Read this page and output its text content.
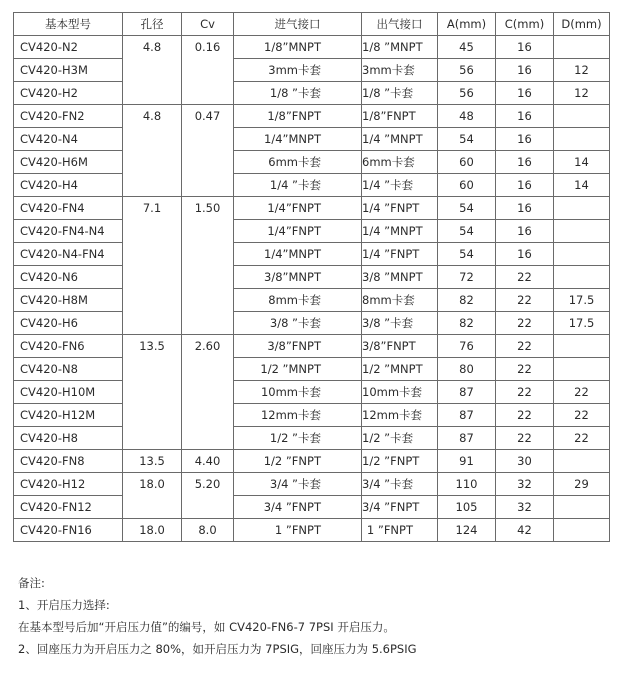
基本型号	孔径	Cv	进气接口	出气接口	A(mm)	C(mm)	D(mm)
CV420-N2	4.8	0.16	1/8”MNPT	1/8 ”MNPT	45	16	
CV420-H3M			3mm卡套	3mm卡套	56	16	12
CV420-H2			1/8 ”卡套	1/8 ”卡套	56	16	12
CV420-FN2	4.8	0.47	1/8”FNPT	1/8”FNPT	48	16	
CV420-N4			1/4”MNPT	1/4 ”MNPT	54	16	
CV420-H6M			6mm卡套	6mm卡套	60	16	14
CV420-H4			1/4 ”卡套	1/4 ”卡套	60	16	14
CV420-FN4	7.1	1.50	1/4”FNPT	1/4 ”FNPT	54	16	
CV420-FN4-N4			1/4”FNPT	1/4 ”MNPT	54	16	
CV420-N4-FN4			1/4”MNPT	1/4 ”FNPT	54	16	
CV420-N6			3/8”MNPT	3/8 ”MNPT	72	22	
CV420-H8M			8mm卡套	8mm卡套	82	22	17.5
CV420-H6			3/8 ”卡套	3/8 ”卡套	82	22	17.5
CV420-FN6	13.5	2.60	3/8”FNPT	3/8”FNPT	76	22	
CV420-N8			1/2 ”MNPT	1/2 ”MNPT	80	22	
CV420-H10M			10mm卡套	10mm卡套	87	22	22
CV420-H12M			12mm卡套	12mm卡套	87	22	22
CV420-H8			1/2 ”卡套	1/2 ”卡套	87	22	22
CV420-FN8	13.5	4.40	1/2 ”FNPT	1/2 ”FNPT	91	30	
CV420-H12	18.0	5.20	3/4 ”卡套	3/4 ”卡套	110	32	29
CV420-FN12			3/4 ”FNPT	3/4 ”FNPT	105	32	
CV420-FN16	18.0	8.0	1 ”FNPT	1 ”FNPT	124	42	
备注:
1、开启压力选择:
在基本型号后加“开启压力值”的编号，如 CV420-FN6-7 7PSI 开启压力。
2、回座压力为开启压力之 80%，如开启压力为 7PSIG，回座压力为 5.6PSIG
